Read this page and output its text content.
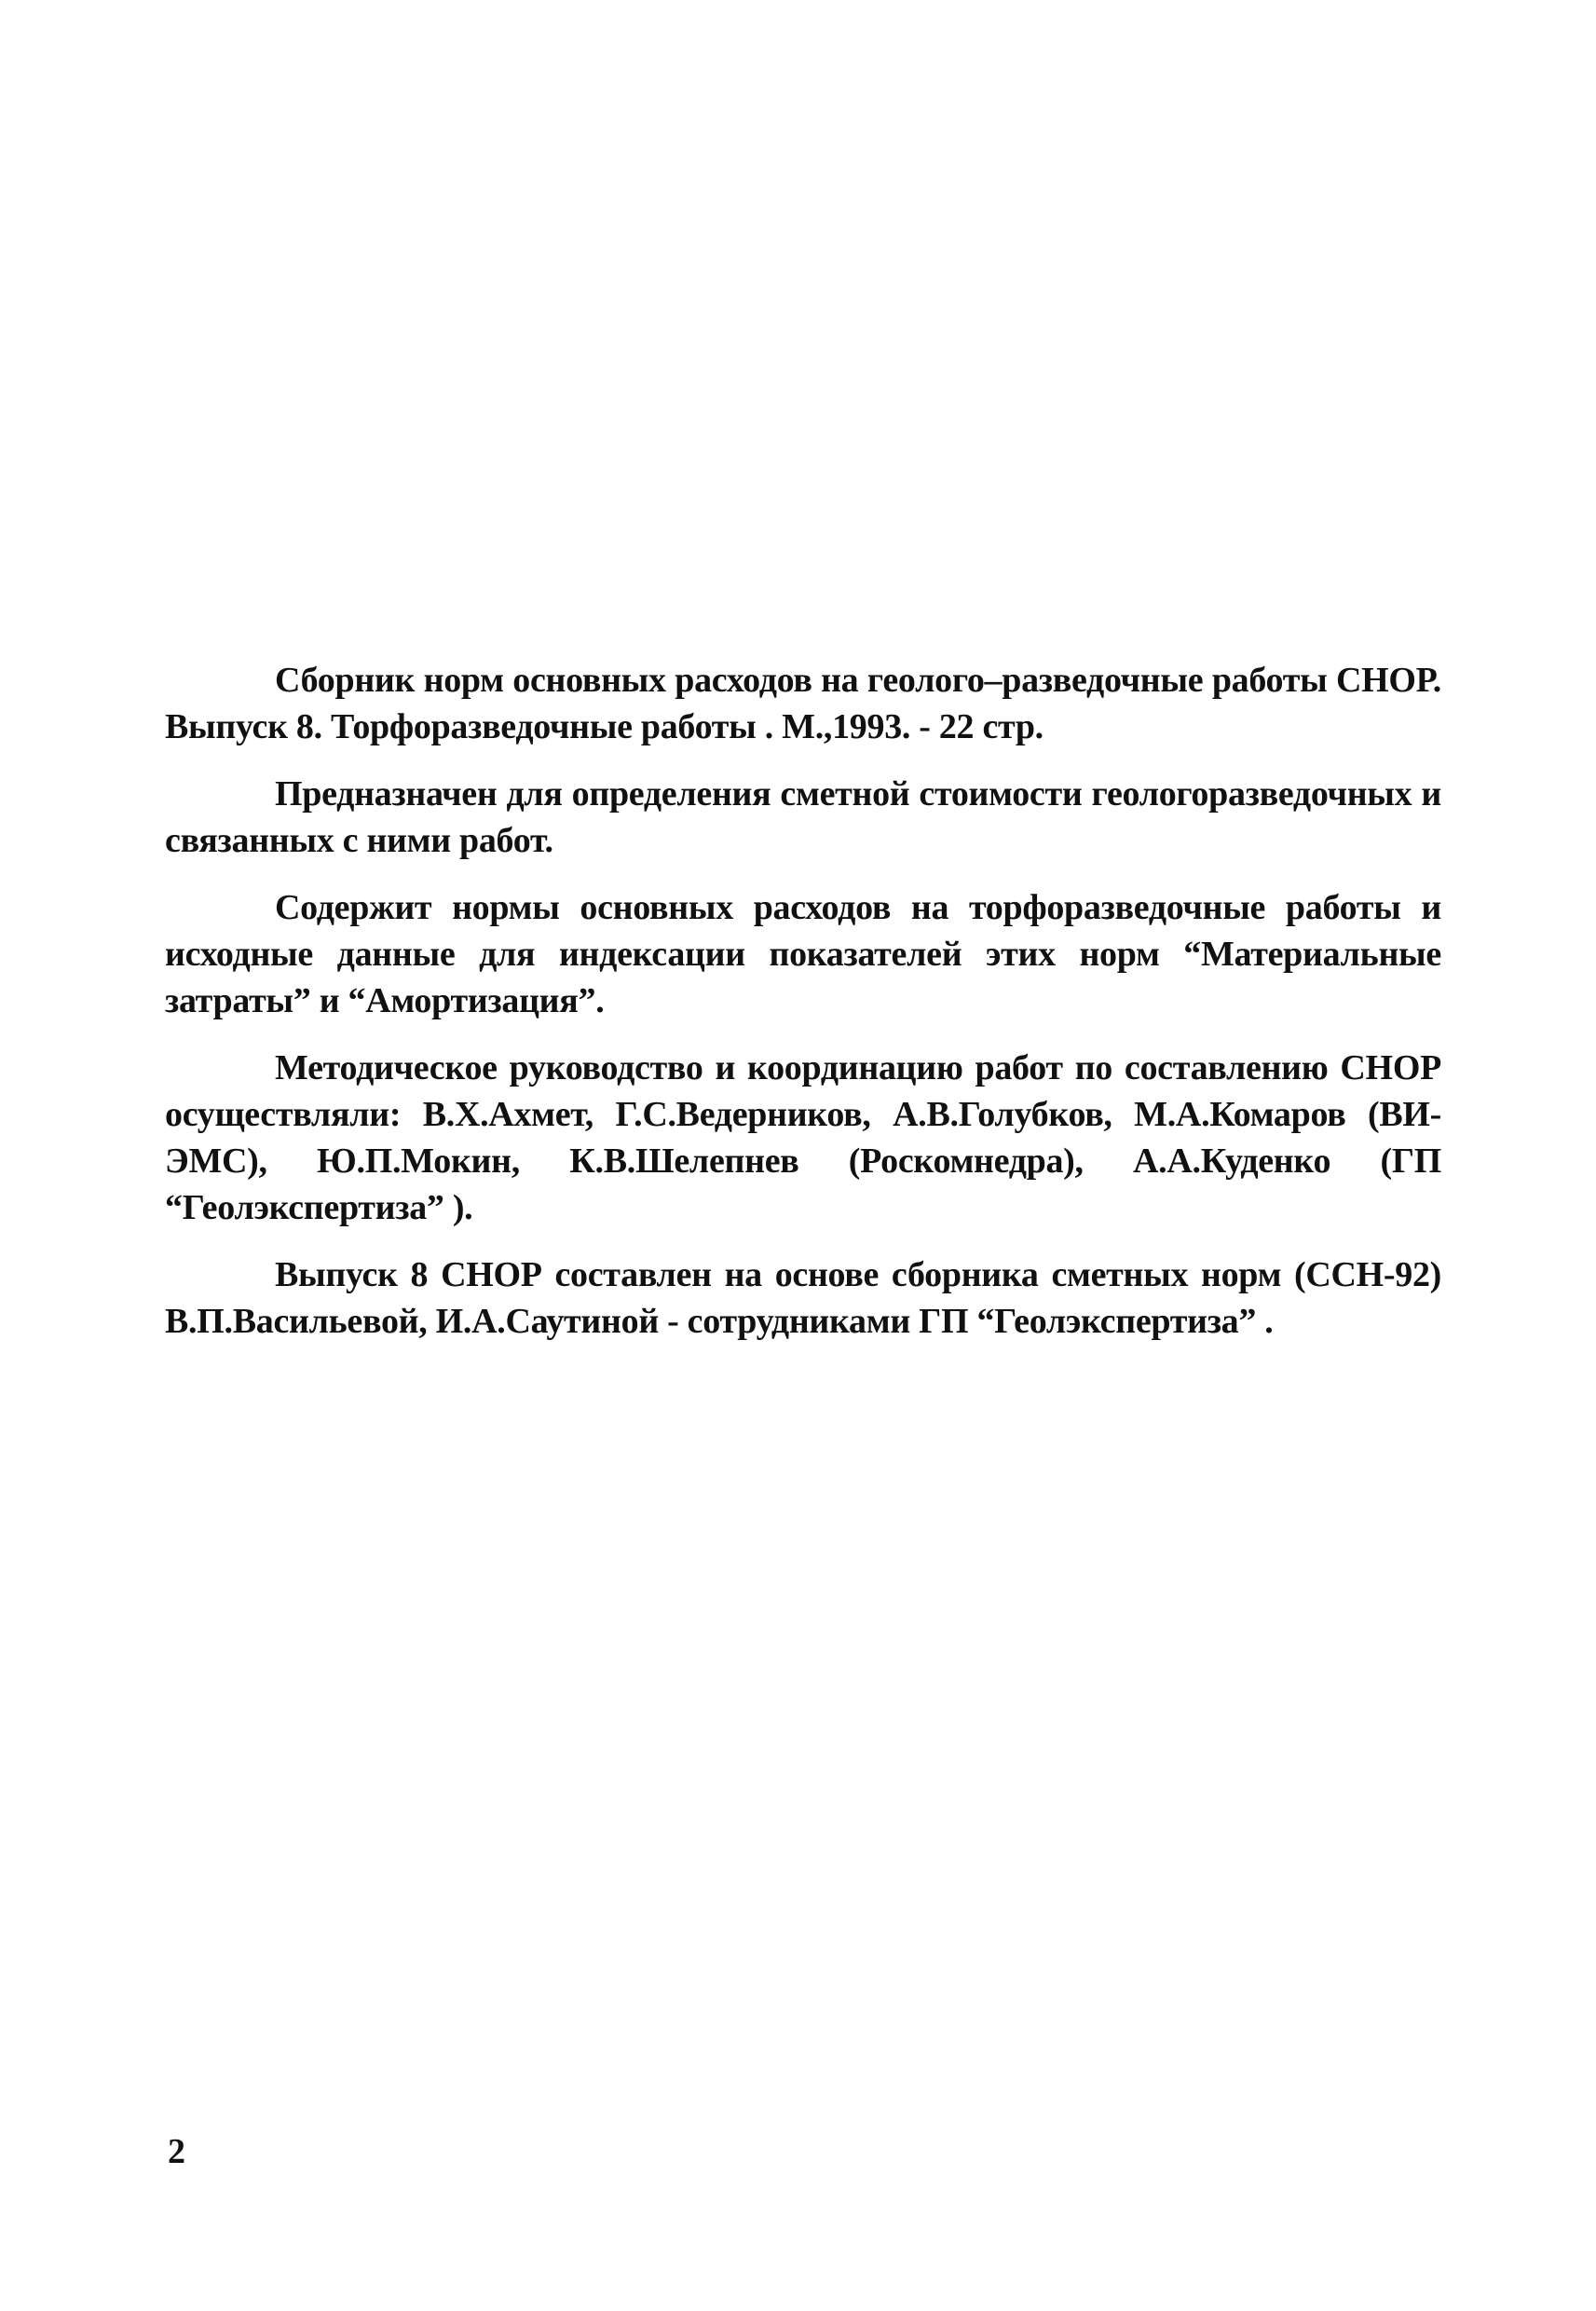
Сборник норм основных расходов на геолого–разведочные работы СНОР. Выпуск 8. Торфоразведочные работы . М.,1993. - 22 стр.

Предназначен для определения сметной стоимости геологоразведочных и связанных с ними работ.

Содержит нормы основных расходов на торфоразведочные работы и исходные данные для индексации показателей этих норм “Материальные затраты” и “Амортизация”.

Методическое руководство и координацию работ по составлению СНОР осуществляли: В.Х.Ахмет, Г.С.Ведерников, А.В.Голубков, М.А.Комаров (ВИ-ЭМС), Ю.П.Мокин, К.В.Шелепнев (Роскомнедра), А.А.Куденко (ГП “Геолэкспертиза” ).

Выпуск 8 СНОР составлен на основе сборника сметных норм (ССН-92) В.П.Васильевой, И.А.Саутиной - сотрудниками ГП “Геолэкспертиза” .

2
